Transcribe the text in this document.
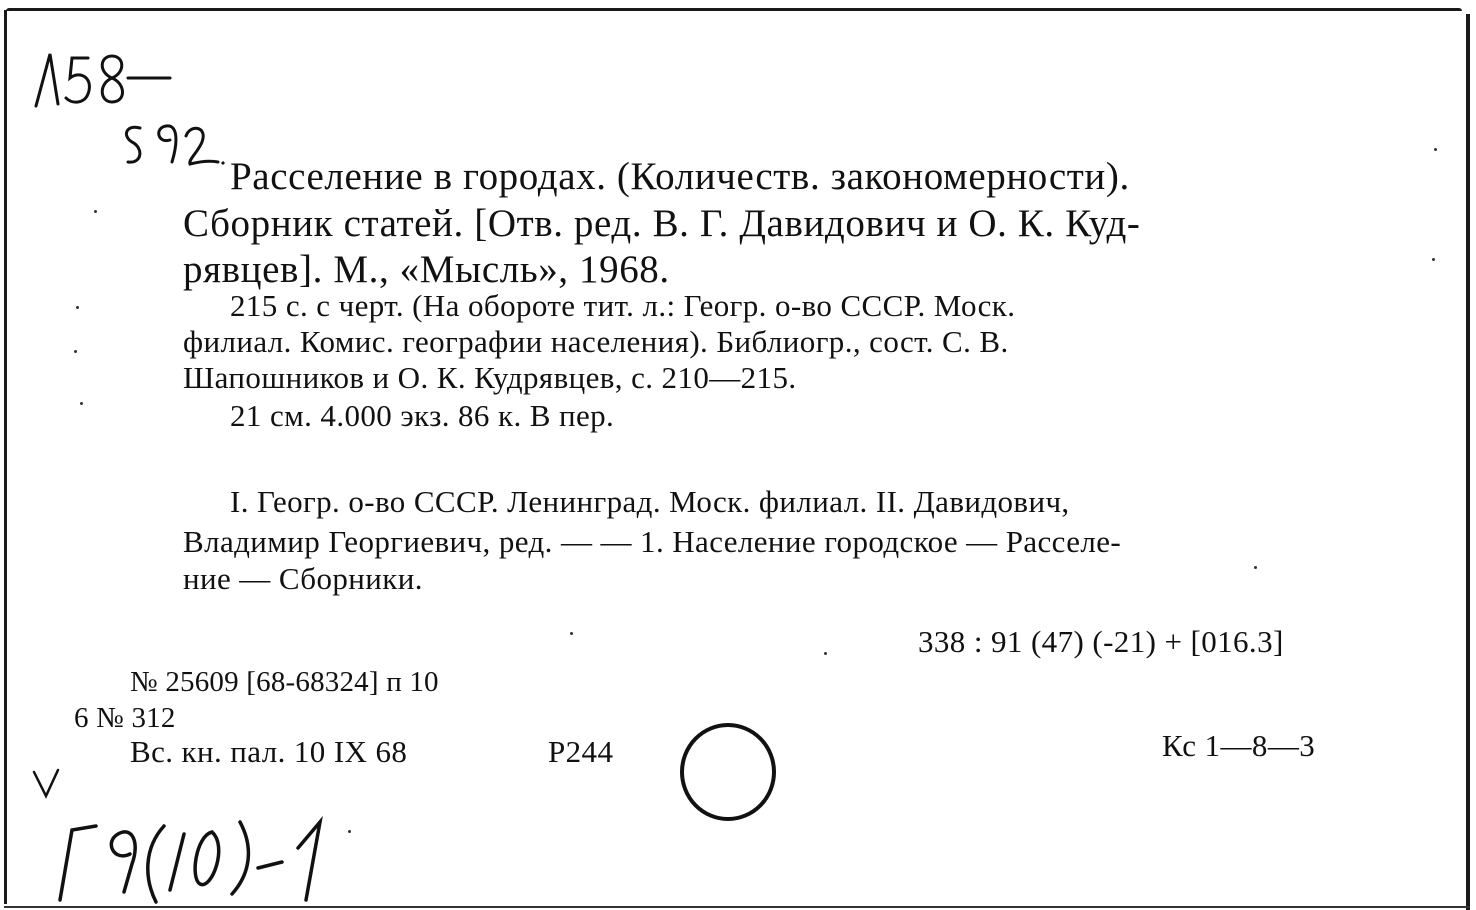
Расселение в городах. (Количеств. закономерности).
Сборник статей. [Отв. ред. В. Г. Давидович и О. К. Куд-
рявцев]. М., «Мысль», 1968.
215 с. с черт. (На обороте тит. л.: Геогр. о-во СССР. Моск.
филиал. Комис. географии населения). Библиогр., сост. С. В.
Шапошников и О. К. Кудрявцев, с. 210—215.
21 см. 4.000 экз. 86 к. В пер.
I. Геогр. о-во СССР. Ленинград. Моск. филиал. II. Давидович,
Владимир Георгиевич, ред. — — 1. Население городское — Расселе-
ние — Сборники.
338 : 91 (47) (-21) + [016.3]
№ 25609 [68-68324] п 10
6 № 312
Вс. кн. пал. 10 IX 68	Р244	Кс 1—8—3
